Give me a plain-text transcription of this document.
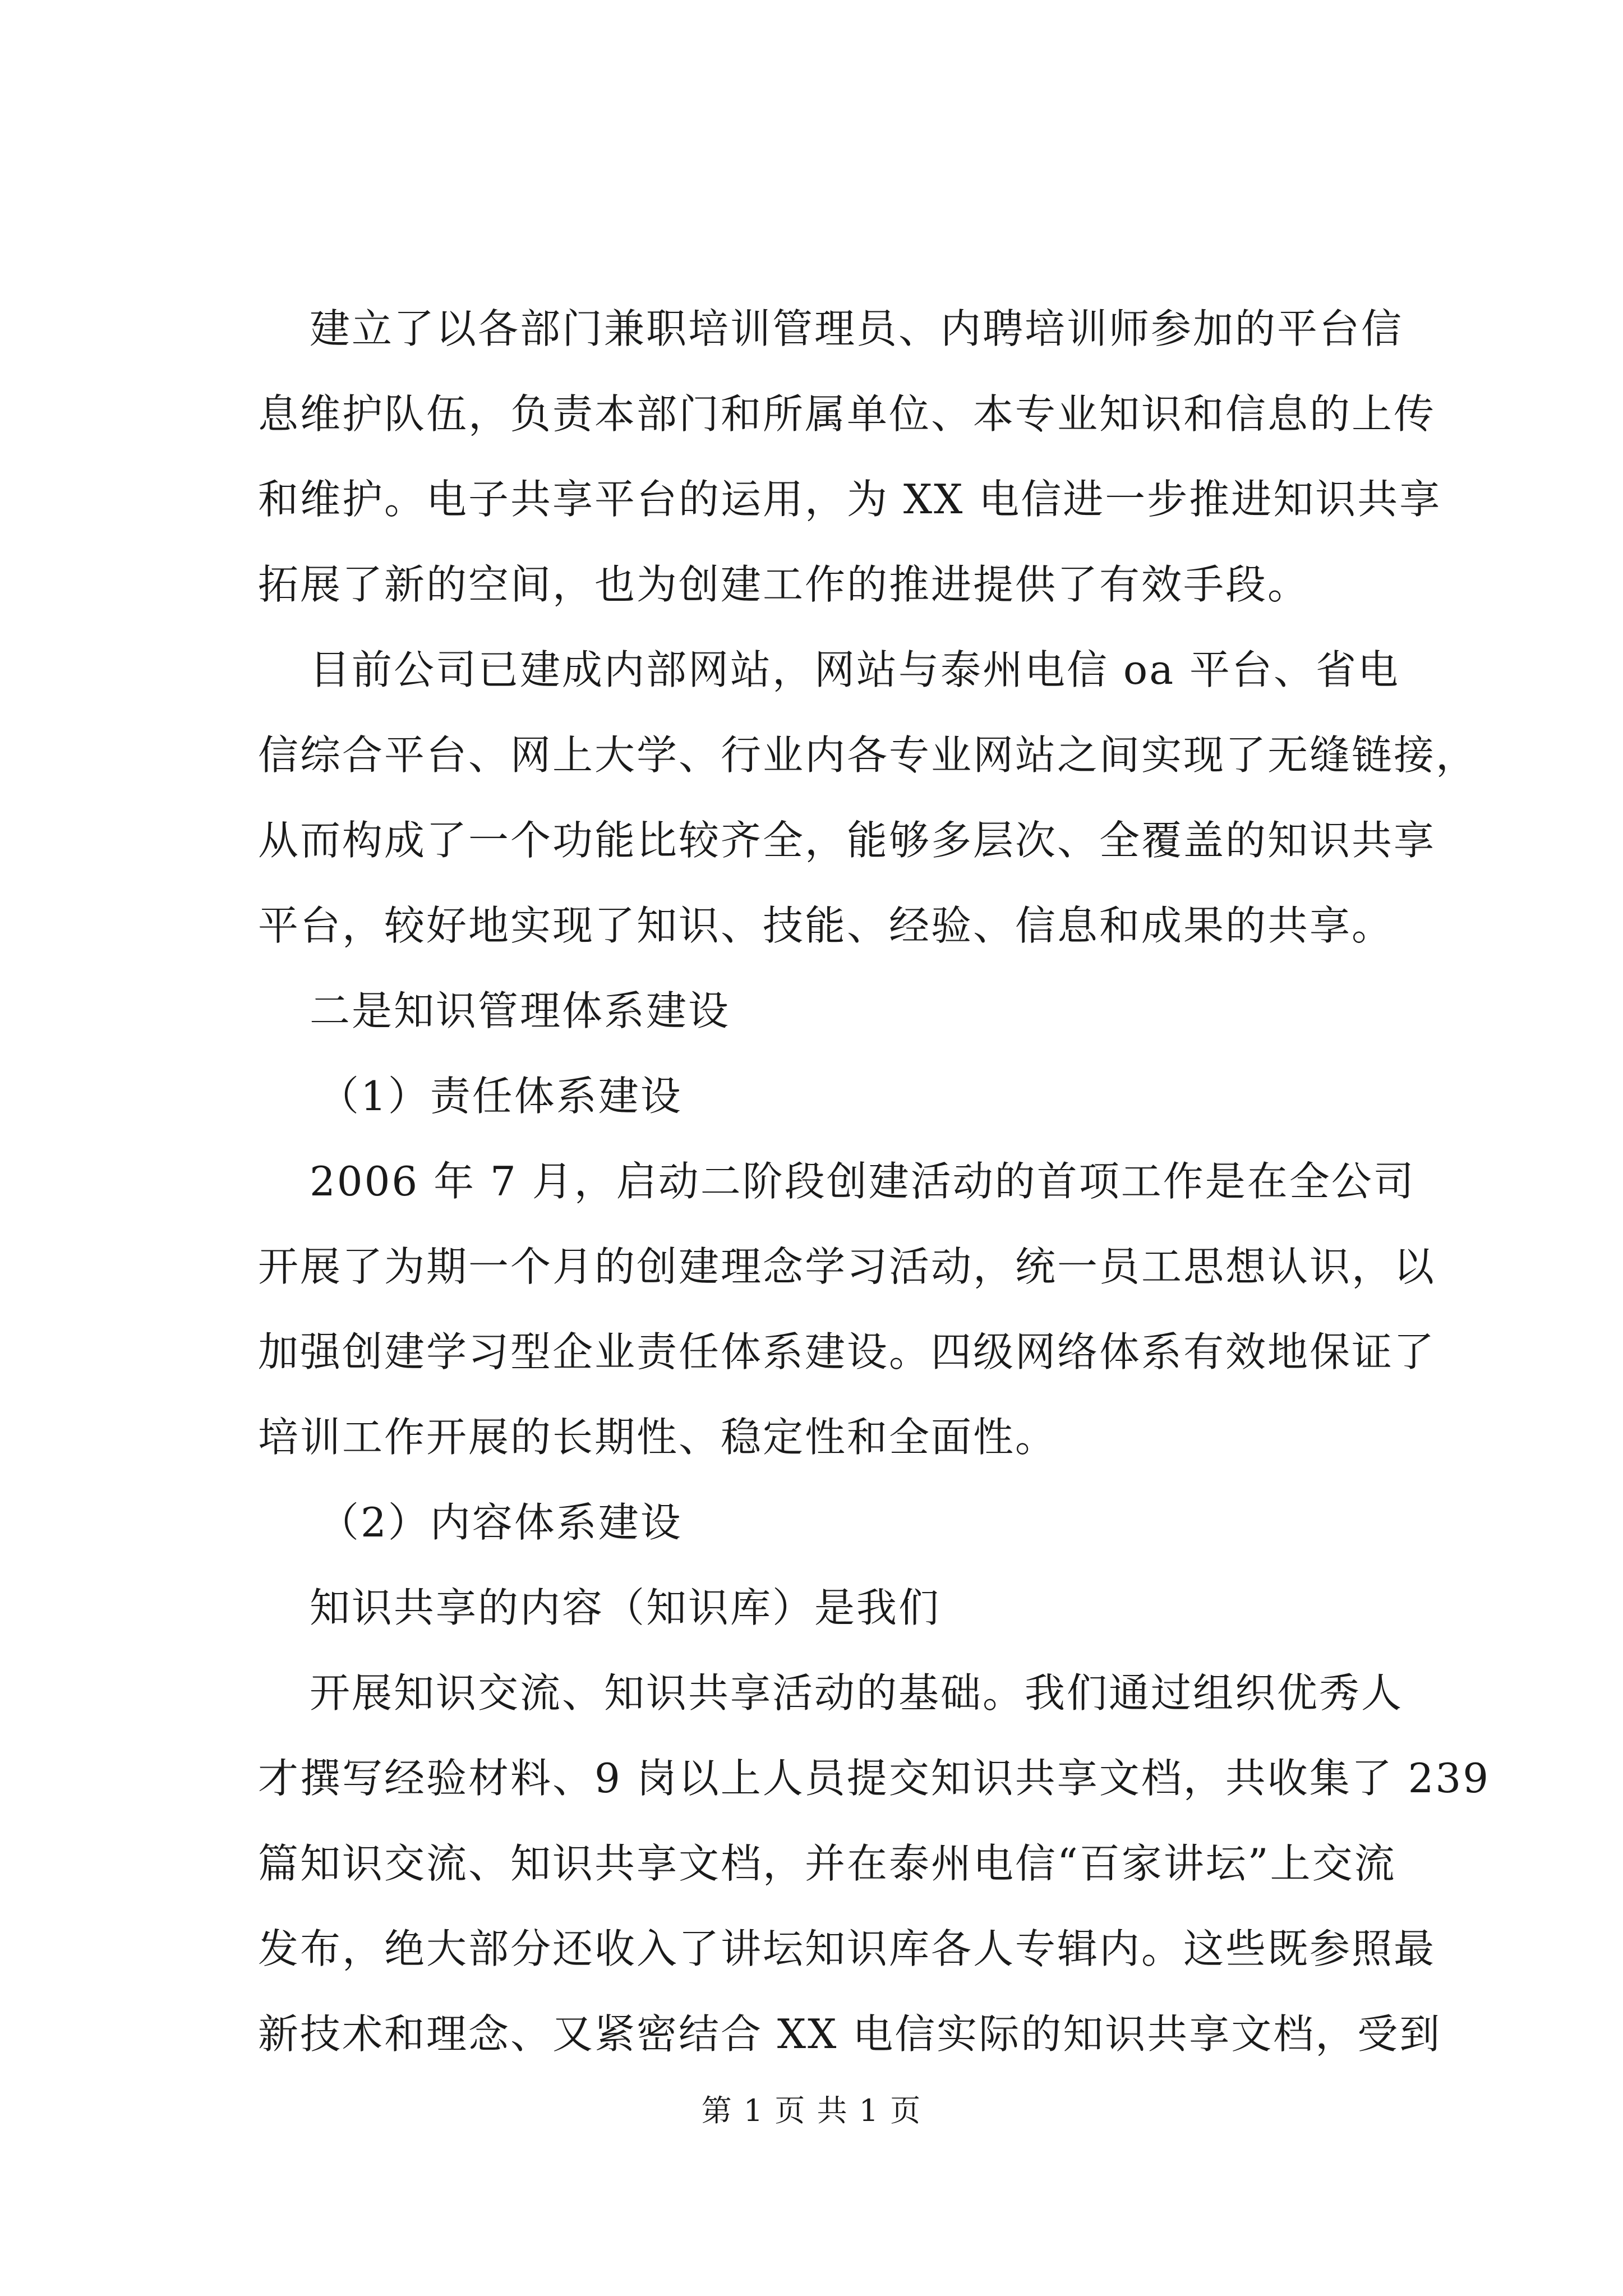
建立了以各部门兼职培训管理员、内聘培训师参加的平台信
息维护队伍，负责本部门和所属单位、本专业知识和信息的上传
和维护。电子共享平台的运用，为 XX 电信进一步推进知识共享
拓展了新的空间，也为创建工作的推进提供了有效手段。
目前公司已建成内部网站，网站与泰州电信 oa 平台、省电
信综合平台、网上大学、行业内各专业网站之间实现了无缝链接，
从而构成了一个功能比较齐全，能够多层次、全覆盖的知识共享
平台，较好地实现了知识、技能、经验、信息和成果的共享。
二是知识管理体系建设
（1）责任体系建设
2006 年 7 月，启动二阶段创建活动的首项工作是在全公司
开展了为期一个月的创建理念学习活动，统一员工思想认识，以
加强创建学习型企业责任体系建设。四级网络体系有效地保证了
培训工作开展的长期性、稳定性和全面性。
（2）内容体系建设
知识共享的内容（知识库）是我们
开展知识交流、知识共享活动的基础。我们通过组织优秀人
才撰写经验材料、9 岗以上人员提交知识共享文档，共收集了 239
篇知识交流、知识共享文档，并在泰州电信“百家讲坛”上交流
发布，绝大部分还收入了讲坛知识库各人专辑内。这些既参照最
新技术和理念、又紧密结合 XX 电信实际的知识共享文档，受到
第 1 页 共 1 页
